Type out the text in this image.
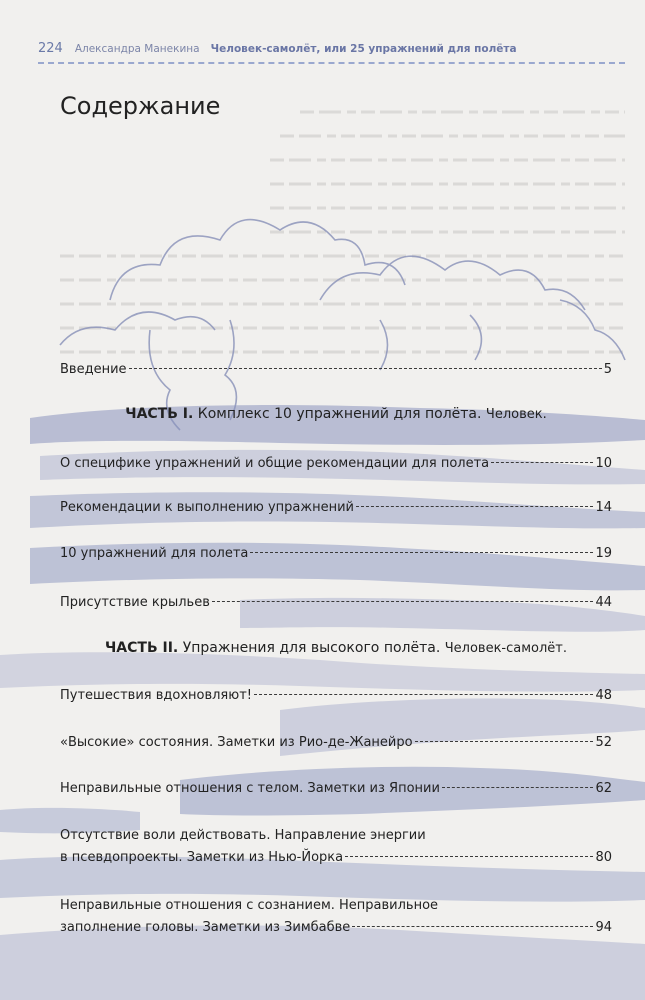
224 Александра Манекина Человек-самолёт, или 25 упражнений для полёта
Содержание
Введение	5
ЧАСТЬ I. Комплекс 10 упражнений для полёта. Человек.
О специфике упражнений и общие рекомендации для полета	10
Рекомендации к выполнению упражнений	14
10 упражнений для полета	19
Присутствие крыльев	44
ЧАСТЬ II. Упражнения для высокого полёта. Человек-самолёт.
Путешествия вдохновляют!	48
«Высокие» состояния. Заметки из Рио-де-Жанейро	52
Неправильные отношения с телом. Заметки из Японии	62
Отсутствие воли действовать. Направление энергии
в псевдопроекты. Заметки из Нью-Йорка	80
Неправильные отношения с сознанием. Неправильное
заполнение головы. Заметки из Зимбабве	94
